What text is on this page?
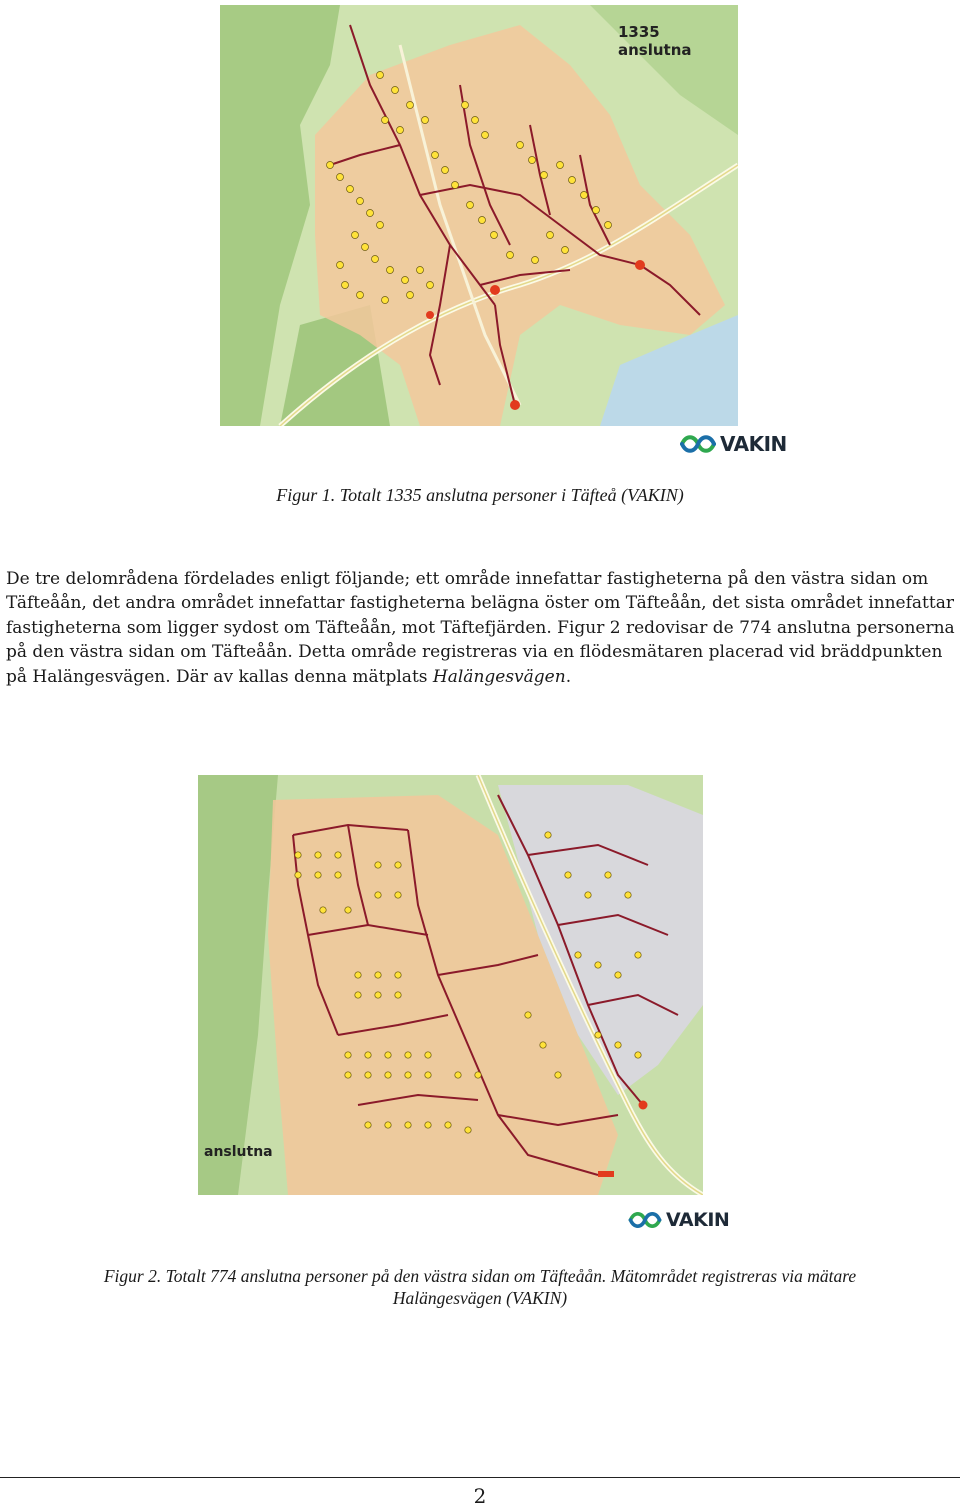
1335 anslutna
VAKIN
Figur 1. Totalt 1335 anslutna personer i Täfteå (VAKIN)

De tre delområdena fördelades enligt följande; ett område innefattar fastigheterna på den västra sidan om Täfteåån, det andra området innefattar fastigheterna belägna öster om Täfteåån, det sista området innefattar fastigheterna som ligger sydost om Täfteåån, mot Täftefjärden. Figur 2 redovisar de 774 anslutna personerna på den västra sidan om Täfteåån. Detta område registreras via en flödesmätaren placerad vid bräddpunkten på Halängesvägen. Där av kallas denna mätplats Halängesvägen.

anslutna
VAKIN
Figur 2. Totalt 774 anslutna personer på den västra sidan om Täfteåån. Mätområdet registreras via mätare
Halängesvägen (VAKIN)
2
